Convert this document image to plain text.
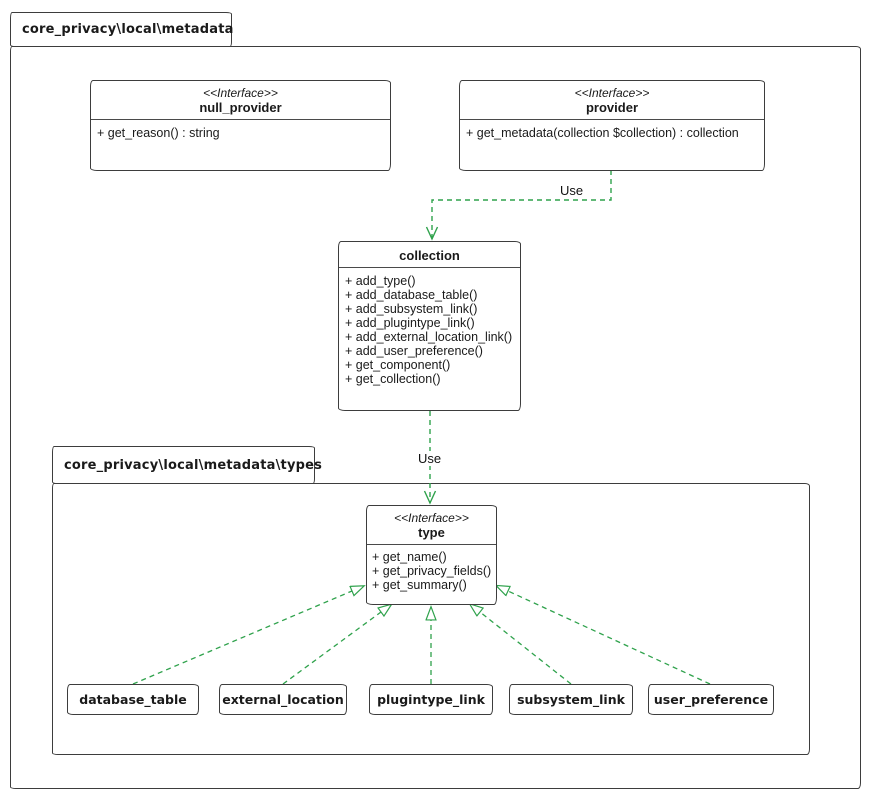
core_privacy\local\metadata
core_privacy\local\metadata\types
Use
Use
<<Interface>>
null_provider
+ get_reason() : string
<<Interface>>
provider
+ get_metadata(collection $collection) : collection
collection
+ add_type()
+ add_database_table()
+ add_subsystem_link()
+ add_plugintype_link()
+ add_external_location_link()
+ add_user_preference()
+ get_component()
+ get_collection()
<<Interface>>
type
+ get_name()
+ get_privacy_fields()
+ get_summary()
database_table	external_location	plugintype_link	subsystem_link user_preference
